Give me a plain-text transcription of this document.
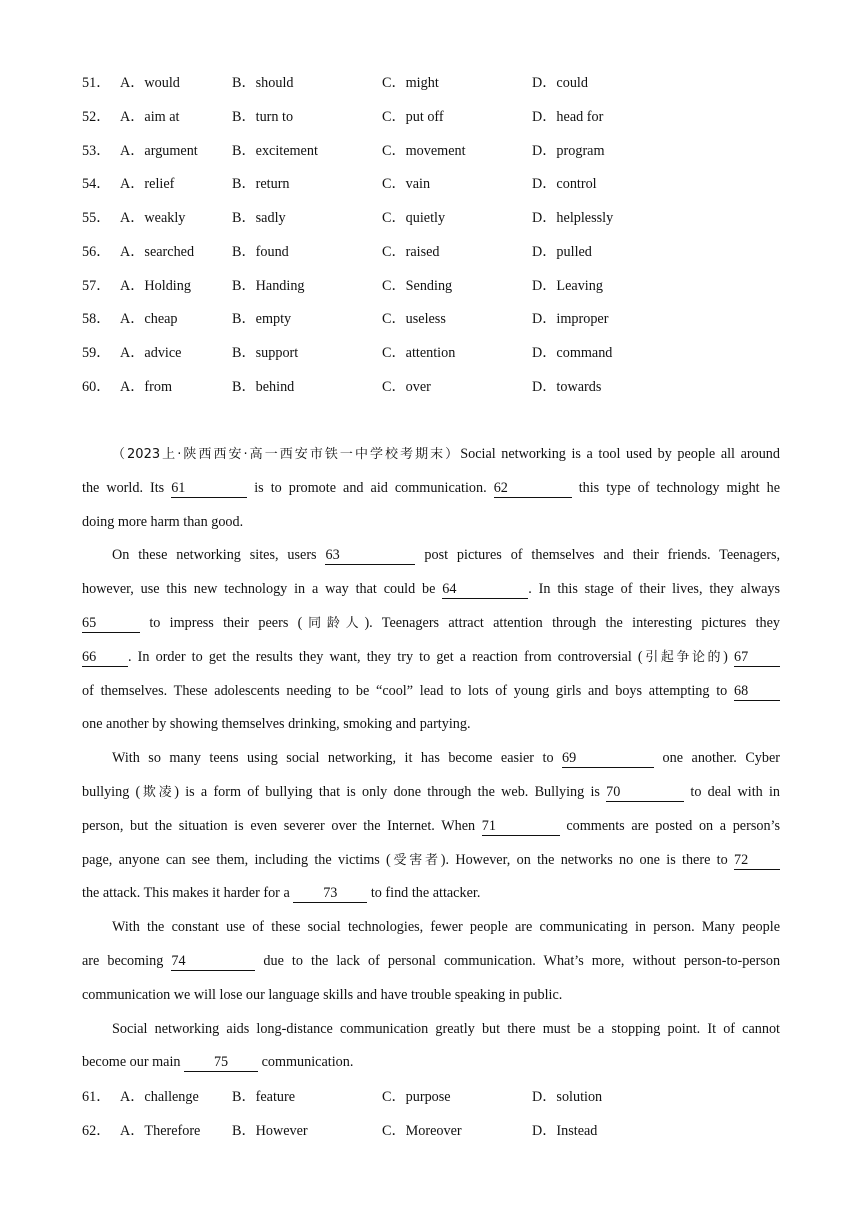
51． A．would	B．should	C．might	D．could
52． A．aim at	B．turn to	C．put off	D．head for
53． A．argument B．excitement	C．movement	D．program
54． A．relief	B．return	C．vain	D．control
55． A．weakly	B．sadly	C．quietly	D．helplessly
56． A．searched	B．found	C．raised	D．pulled
57． A．Holding	B．Handing	C．Sending	D．Leaving
58． A．cheap	B．empty	C．useless	D．improper
59． A．advice	B．support	C．attention	D．command
60． A．from	B．behind	C．over	D．towards
（2023上·陕西西安·高一西安市铁一中学校考期末）Social networking is a tool used by people all around
the world. Its 61	is to promote and aid communication. 62	this type of technology might he
doing more harm than good.
On these networking sites, users 63	post pictures of themselves and their friends. Teenagers,
however, use this new technology in a way that could be 64	. In this stage of their lives, they always
65	to impress their peers (同龄人). Teenagers attract attention through the interesting pictures they
66 . In order to get the results they want, they try to get a reaction from controversial (引起争论的) 67
of themselves. These adolescents needing to be “cool” lead to lots of young girls and boys attempting to 68
one another by showing themselves drinking, smoking and partying.
With so many teens using social networking, it has become easier to 69	one another. Cyber
bullying (欺凌) is a form of bullying that is only done through the web. Bullying is 70	to deal with in
person, but the situation is even severer over the Internet. When 71	comments are posted on a person’s
page, anyone can see them, including the victims (受害者). However, on the networks no one is there to 72
the attack. This makes it harder for a 73 to find the attacker.
With the constant use of these social technologies, fewer people are communicating in person. Many people
are becoming 74	due to the lack of personal communication. What’s more, without person-to-person
communication we will lose our language skills and have trouble speaking in public.
Social networking aids long-distance communication greatly but there must be a stopping point. It of cannot
become our main 75 communication.
61． A．challenge B．feature	C．purpose	D．solution
62． A．Therefore B．However	C．Moreover	D．Instead
